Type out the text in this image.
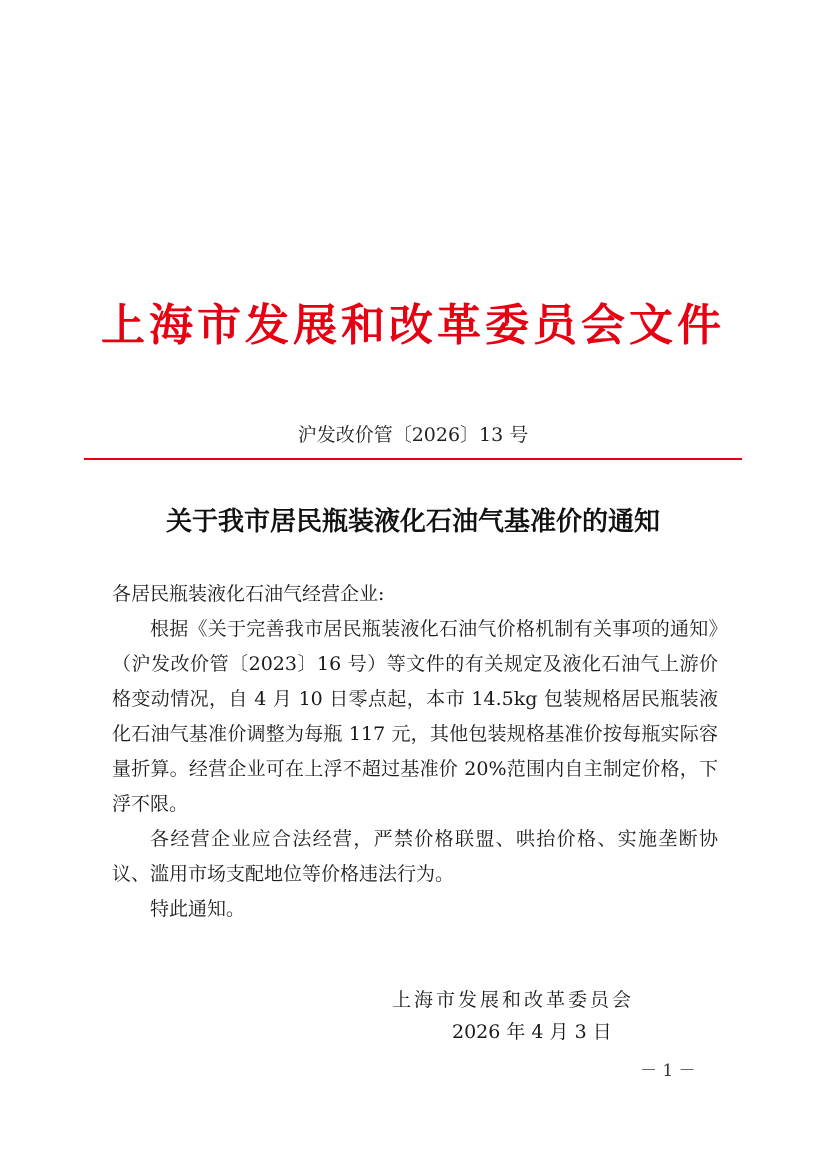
上海市发展和改革委员会文件
沪发改价管〔2026〕13 号
关于我市居民瓶装液化石油气基准价的通知

各居民瓶装液化石油气经营企业:

根据《关于完善我市居民瓶装液化石油气价格机制有关事项的通知》（沪发改价管〔2023〕16 号）等文件的有关规定及液化石油气上游价格变动情况，自 4 月 10 日零点起，本市 14.5kg 包装规格居民瓶装液化石油气基准价调整为每瓶 117 元，其他包装规格基准价按每瓶实际容量折算。经营企业可在上浮不超过基准价 20%范围内自主制定价格，下浮不限。

各经营企业应合法经营，严禁价格联盟、哄抬价格、实施垄断协议、滥用市场支配地位等价格违法行为。

特此通知。

上海市发展和改革委员会
2026 年 4 月 3 日
－ 1 －
